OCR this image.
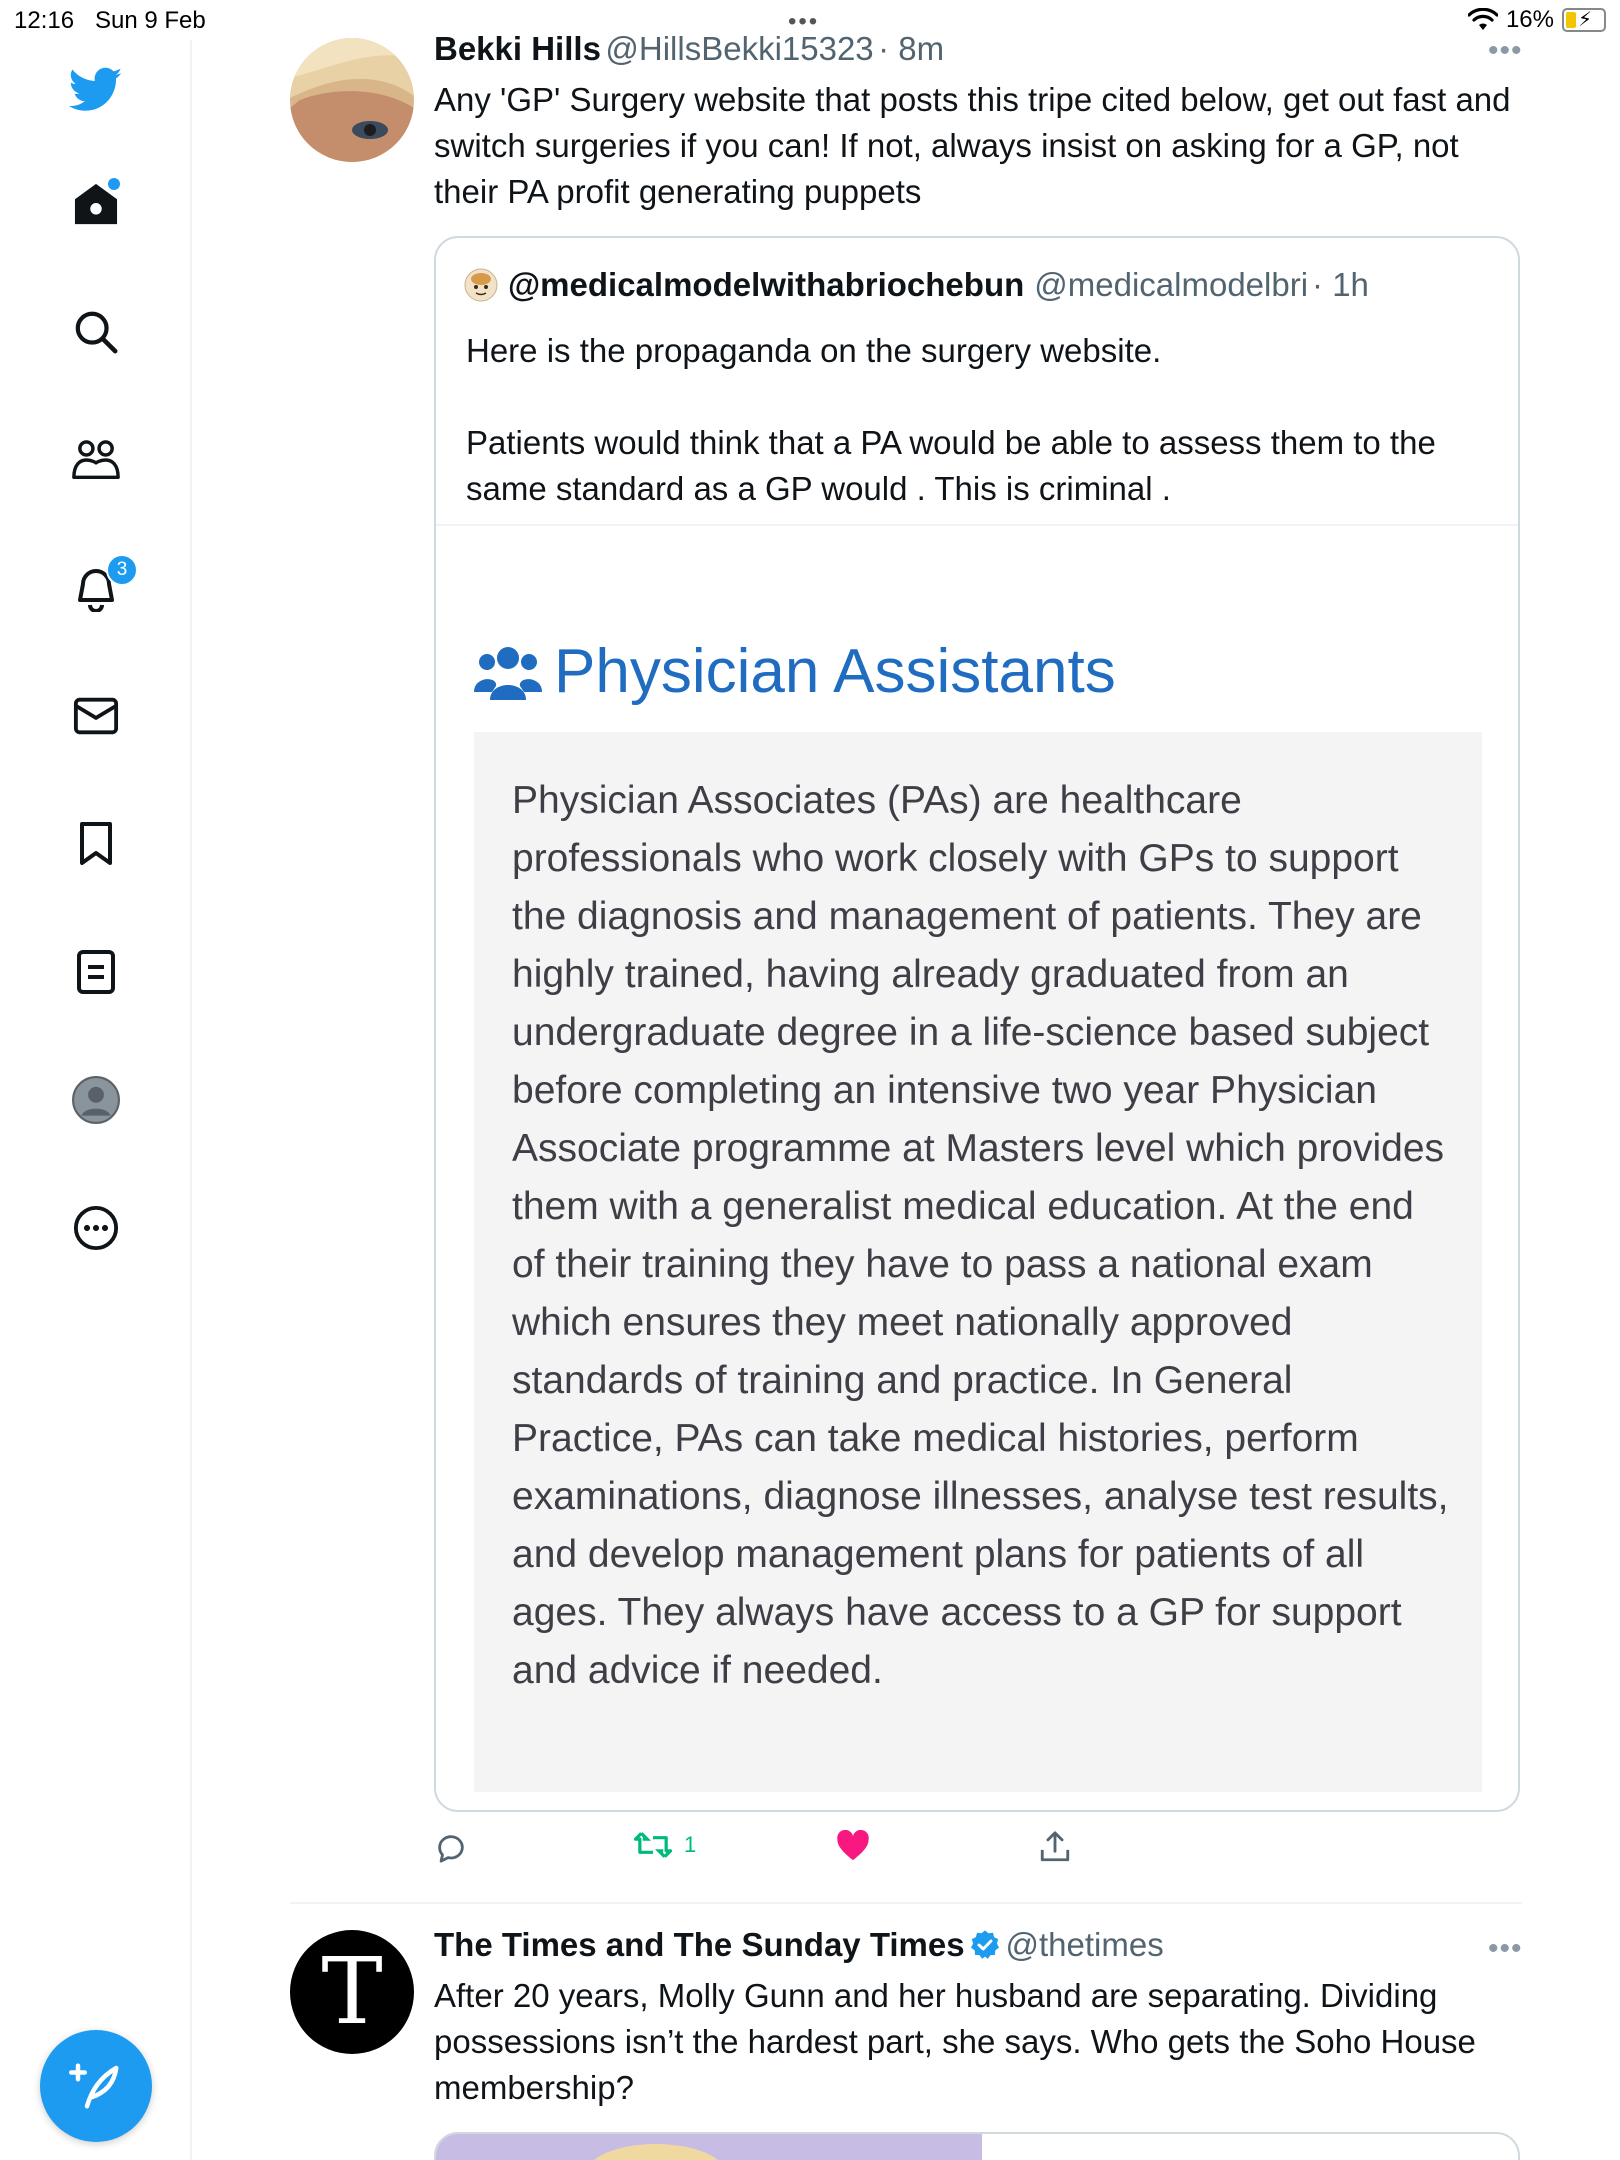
12:16 Sun 9 Feb	•••	16% ⚡
3
Bekki Hills @HillsBekki15323 · 8m	•••
Any 'GP' Surgery website that posts this tripe cited below, get out fast and switch surgeries if you can! If not, always insist on asking for a GP, not their PA profit generating puppets
@medicalmodelwithabriochebun @medicalmodelbri · 1h

Here is the propaganda on the surgery website.

Patients would think that a PA would be able to assess them to the same standard as a GP would . This is criminal .

Physician Assistants

Physician Associates (PAs) are healthcare professionals who work closely with GPs to support the diagnosis and management of patients. They are highly trained, having already graduated from an undergraduate degree in a life-science based subject before completing an intensive two year Physician Associate programme at Masters level which provides them with a generalist medical education. At the end of their training they have to pass a national exam which ensures they meet nationally approved standards of training and practice. In General Practice, PAs can take medical histories, perform examinations, diagnose illnesses, analyse test results, and develop management plans for patients of all ages. They always have access to a GP for support and advice if needed.

1
T The Times and The Sunday Times @thetimes	•••
After 20 years, Molly Gunn and her husband are separating. Dividing possessions isn’t the hardest part, she says. Who gets the Soho House membership?
